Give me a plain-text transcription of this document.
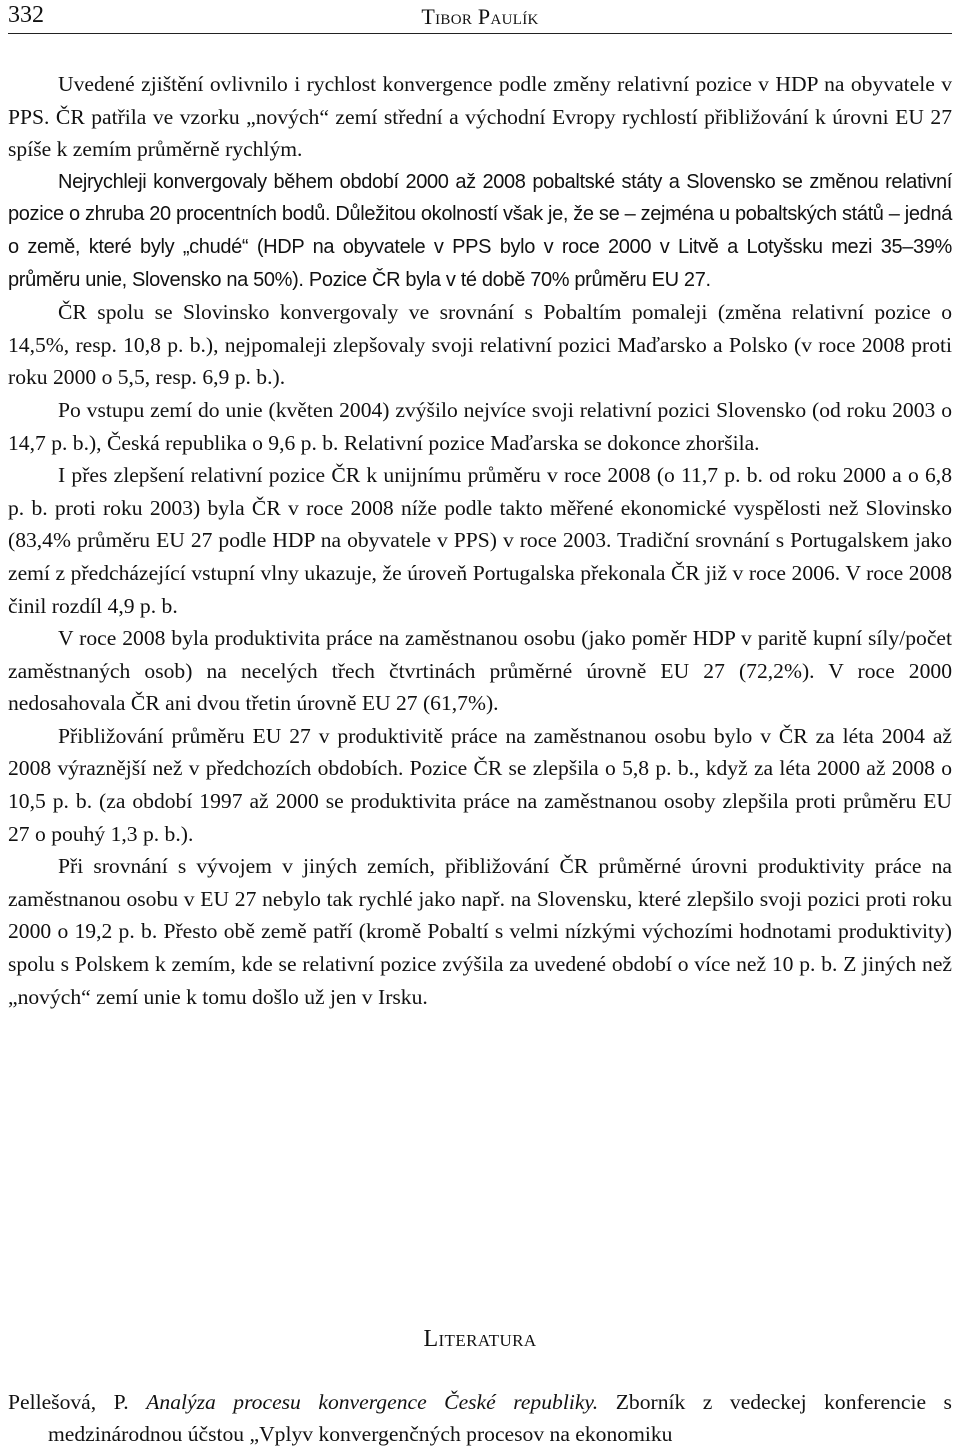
332	Tibor Paulík

Uvedené zjištění ovlivnilo i rychlost konvergence podle změny relativní pozice v HDP na obyvatele v PPS. ČR patřila ve vzorku „nových“ zemí střední a východní Evropy rychlostí přibližování k úrovni EU 27 spíše k zemím průměrně rychlým.

Nejrychleji konvergovaly během období 2000 až 2008 pobaltské státy a Slovensko se změnou relativní pozice o zhruba 20 procentních bodů. Důležitou okolností však je, že se – zejména u pobaltských států – jedná o země, které byly „chudé“ (HDP na obyvatele v PPS bylo v roce 2000 v Litvě a Lotyšsku mezi 35–39% průměru unie, Slovensko na 50%). Pozice ČR byla v té době 70% průměru EU 27.

ČR spolu se Slovinsko konvergovaly ve srovnání s Pobaltím pomaleji (změna relativní pozice o 14,5%, resp. 10,8 p. b.), nejpomaleji zlepšovaly svoji relativní pozici Maďarsko a Polsko (v roce 2008 proti roku 2000 o 5,5, resp. 6,9 p. b.).

Po vstupu zemí do unie (květen 2004) zvýšilo nejvíce svoji relativní pozici Slovensko (od roku 2003 o 14,7 p. b.), Česká republika o 9,6 p. b. Relativní pozice Maďarska se dokonce zhoršila.

I přes zlepšení relativní pozice ČR k unijnímu průměru v roce 2008 (o 11,7 p. b. od roku 2000 a o 6,8 p. b. proti roku 2003) byla ČR v roce 2008 níže podle takto měřené ekonomické vyspělosti než Slovinsko (83,4% průměru EU 27 podle HDP na obyvatele v PPS) v roce 2003. Tradiční srovnání s Portugalskem jako zemí z předcházející vstupní vlny ukazuje, že úroveň Portugalska překonala ČR již v roce 2006. V roce 2008 činil rozdíl 4,9 p. b.

V roce 2008 byla produktivita práce na zaměstnanou osobu (jako poměr HDP v paritě kupní síly/počet zaměstnaných osob) na necelých třech čtvrtinách průměrné úrovně EU 27 (72,2%). V roce 2000 nedosahovala ČR ani dvou třetin úrovně EU 27 (61,7%).

Přibližování průměru EU 27 v produktivitě práce na zaměstnanou osobu bylo v ČR za léta 2004 až 2008 výraznější než v předchozích obdobích. Pozice ČR se zlepšila o 5,8 p. b., když za léta 2000 až 2008 o 10,5 p. b. (za období 1997 až 2000 se produktivita práce na zaměstnanou osoby zlepšila proti průměru EU 27 o pouhý 1,3 p. b.).

Při srovnání s vývojem v jiných zemích, přibližování ČR průměrné úrovni produktivity práce na zaměstnanou osobu v EU 27 nebylo tak rychlé jako např. na Slovensku, které zlepšilo svoji pozici proti roku 2000 o 19,2 p. b. Přesto obě země patří (kromě Pobaltí s velmi nízkými výchozími hodnotami produktivity) spolu s Polskem k zemím, kde se relativní pozice zvýšila za uvedené období o více než 10 p. b. Z jiných než „nových“ zemí unie k tomu došlo už jen v Irsku.

Literatura
Pellešová, P. Analýza procesu konvergence České republiky. Zborník z vedeckej konferencie s medzinárodnou účstou „Vplyv konvergenčných procesov na ekonomiku
